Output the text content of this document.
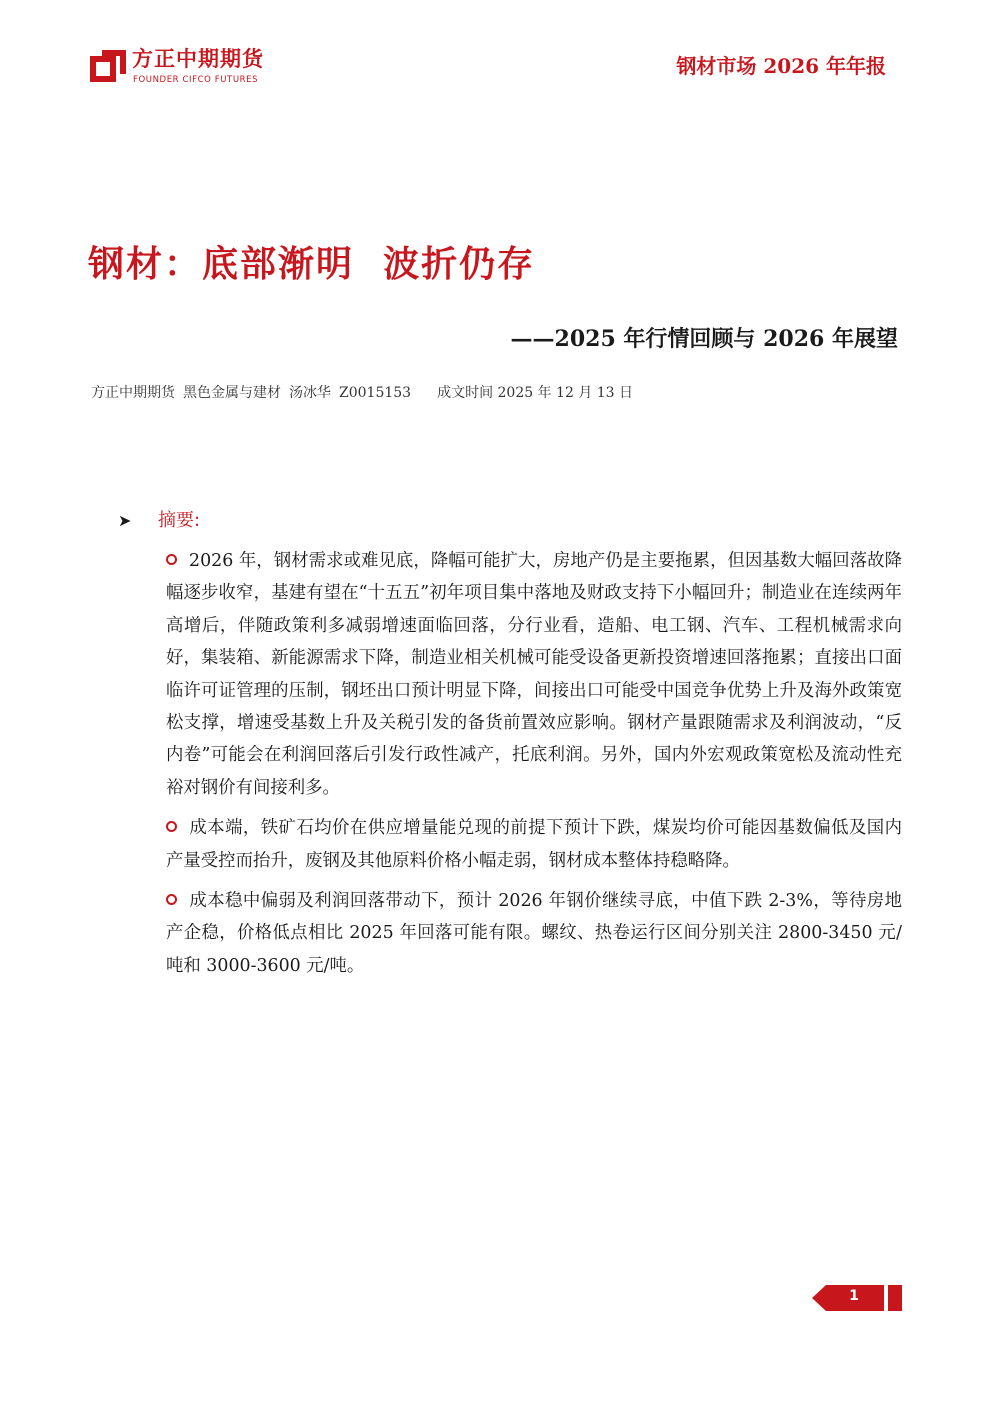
方正中期期货
FOUNDER CIFCO FUTURES
钢材市场 2026 年年报
钢材：底部渐明  波折仍存
——2025 年行情回顾与 2026 年展望
方正中期期货 黑色金属与建材 汤冰华 Z0015153 成文时间 2025 年 12 月 13 日
➤ 摘要:

2026 年，钢材需求或难见底，降幅可能扩大，房地产仍是主要拖累，但因基数大幅回落故降幅逐步收窄，基建有望在“十五五”初年项目集中落地及财政支持下小幅回升；制造业在连续两年高增后，伴随政策利多减弱增速面临回落，分行业看，造船、电工钢、汽车、工程机械需求向好，集装箱、新能源需求下降，制造业相关机械可能受设备更新投资增速回落拖累；直接出口面临许可证管理的压制，钢坯出口预计明显下降，间接出口可能受中国竞争优势上升及海外政策宽松支撑，增速受基数上升及关税引发的备货前置效应影响。钢材产量跟随需求及利润波动，“反内卷”可能会在利润回落后引发行政性减产，托底利润。另外，国内外宏观政策宽松及流动性充裕对钢价有间接利多。

成本端，铁矿石均价在供应增量能兑现的前提下预计下跌，煤炭均价可能因基数偏低及国内产量受控而抬升，废钢及其他原料价格小幅走弱，钢材成本整体持稳略降。

成本稳中偏弱及利润回落带动下，预计 2026 年钢价继续寻底，中值下跌 2-3%，等待房地产企稳，价格低点相比 2025 年回落可能有限。螺纹、热卷运行区间分别关注 2800-3450 元/吨和 3000-3600 元/吨。

1
